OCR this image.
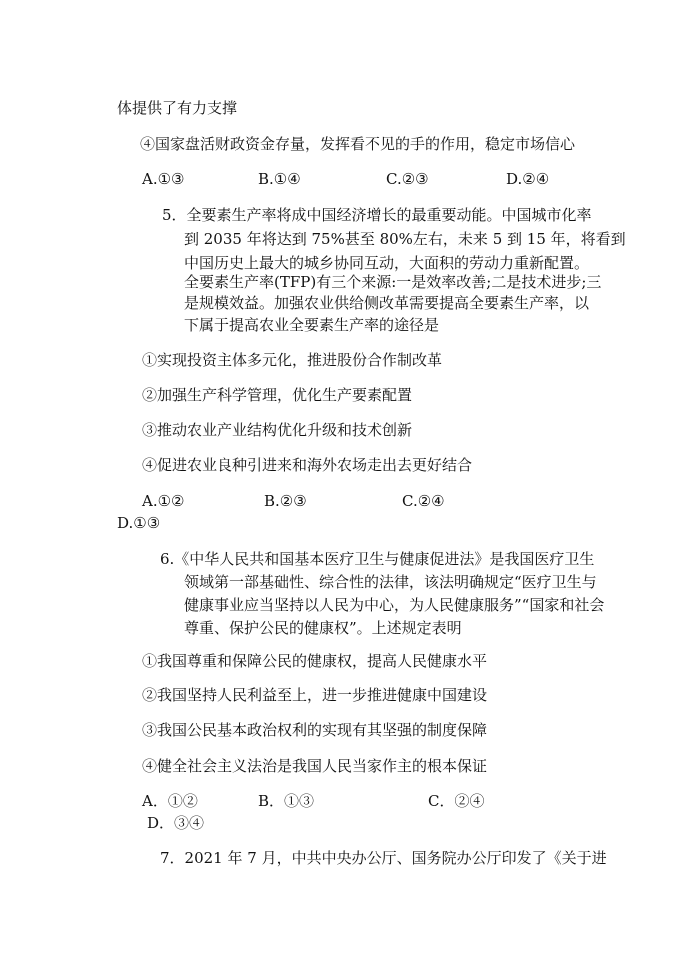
体提供了有力支撑
④国家盘活财政资金存量，发挥看不见的手的作用，稳定市场信心
A.①③	B.①④	C.②③	D.②④
5．全要素生产率将成中国经济增长的最重要动能。中国城市化率
到 2035 年将达到 75%甚至 80%左右，未来 5 到 15 年，将看到
中国历史上最大的城乡协同互动，大面积的劳动力重新配置。
全要素生产率(TFP)有三个来源:一是效率改善;二是技术进步;三
是规模效益。加强农业供给侧改革需要提高全要素生产率，以
下属于提高农业全要素生产率的途径是
①实现投资主体多元化，推进股份合作制改革
②加强生产科学管理，优化生产要素配置
③推动农业产业结构优化升级和技术创新
④促进农业良种引进来和海外农场走出去更好结合
A.①②	B.②③	C.②④
D.①③
6.《中华人民共和国基本医疗卫生与健康促进法》是我国医疗卫生
领域第一部基础性、综合性的法律，该法明确规定“医疗卫生与
健康事业应当坚持以人民为中心，为人民健康服务”“国家和社会
尊重、保护公民的健康权”。上述规定表明
①我国尊重和保障公民的健康权，提高人民健康水平
②我国坚持人民利益至上，进一步推进健康中国建设
③我国公民基本政治权利的实现有其坚强的制度保障
④健全社会主义法治是我国人民当家作主的根本保证
A．①②	B．①③	C．②④
D．③④
7．2021 年 7 月，中共中央办公厅、国务院办公厅印发了《关于进
